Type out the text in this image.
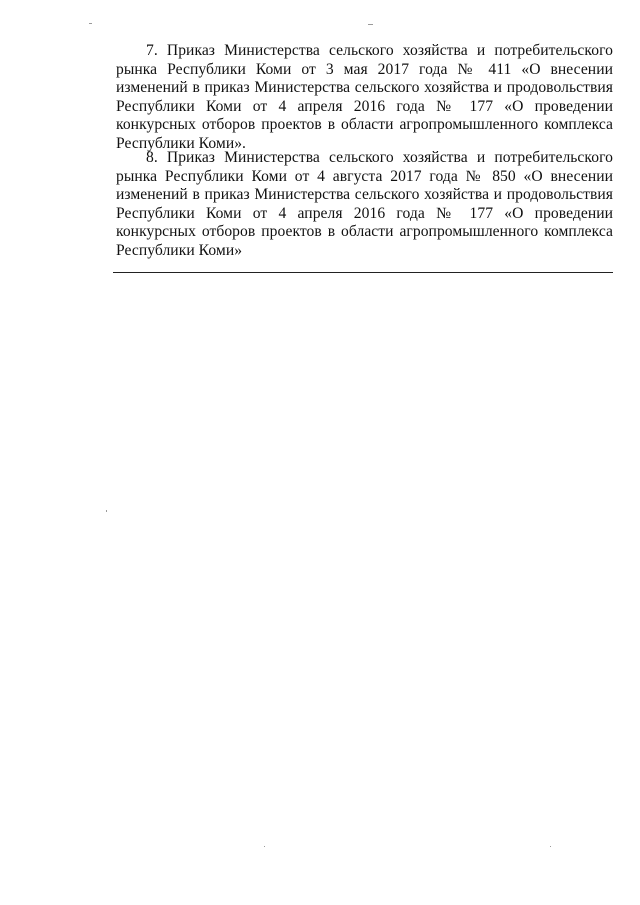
7. Приказ Министерства сельского хозяйства и потребительского рынка Республики Коми от 3 мая 2017 года № 411 «О внесении изменений в приказ Министерства сельского хозяйства и продовольствия Республики Коми от 4 апреля 2016 года № 177 «О проведении конкурсных отборов проектов в области агропромышленного комплекса Республики Коми».

8. Приказ Министерства сельского хозяйства и потребительского рынка Республики Коми от 4 августа 2017 года № 850 «О внесении изменений в приказ Министерства сельского хозяйства и продовольствия Республики Коми от 4 апреля 2016 года № 177 «О проведении конкурсных отборов проектов в области агропромышленного комплекса Республики Коми»
